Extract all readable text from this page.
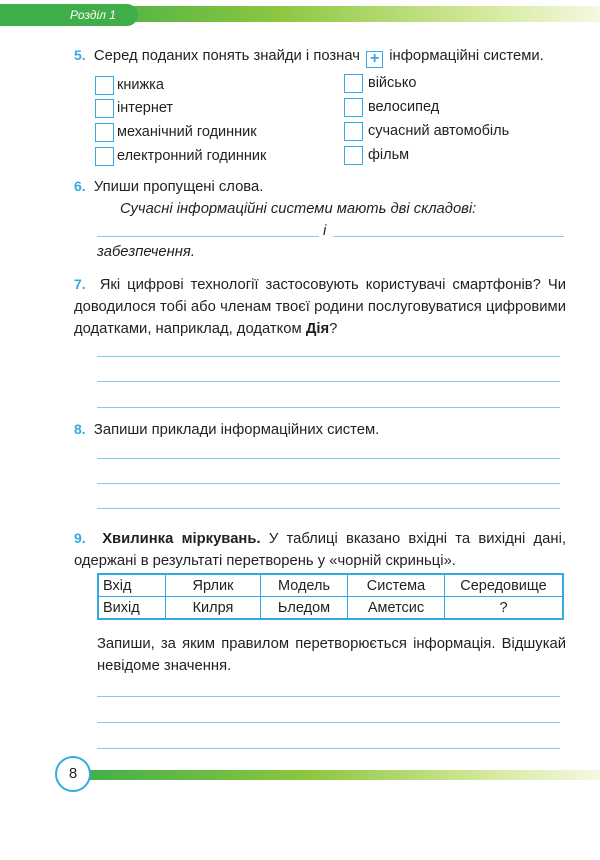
Розділ 1
5. Серед поданих понять знайди і познач + інформаційні системи.
книжка
інтернет
механічний годинник
електронний годинник
військо
велосипед
сучасний автомобіль
фільм
6. Упиши пропущені слова.
Сучасні інформаційні системи мають дві складові:
і
забезпечення.
7. Які цифрові технології застосовують користувачі смартфонів? Чи доводилося тобі або членам твоєї родини послуговуватися цифровими додатками, наприклад, додатком Дія?
8. Запиши приклади інформаційних систем.
9. Хвилинка міркувань. У таблиці вказано вхідні та вихідні дані, одержані в результаті перетворень у «чорній скриньці».
Вхід	Ярлик	Модель	Система	Середовище
Вихід	Килря	Ьледом	Аметсис	?
Запиши, за яким правилом перетворюється інформація. Відшукай невідоме значення.
8
